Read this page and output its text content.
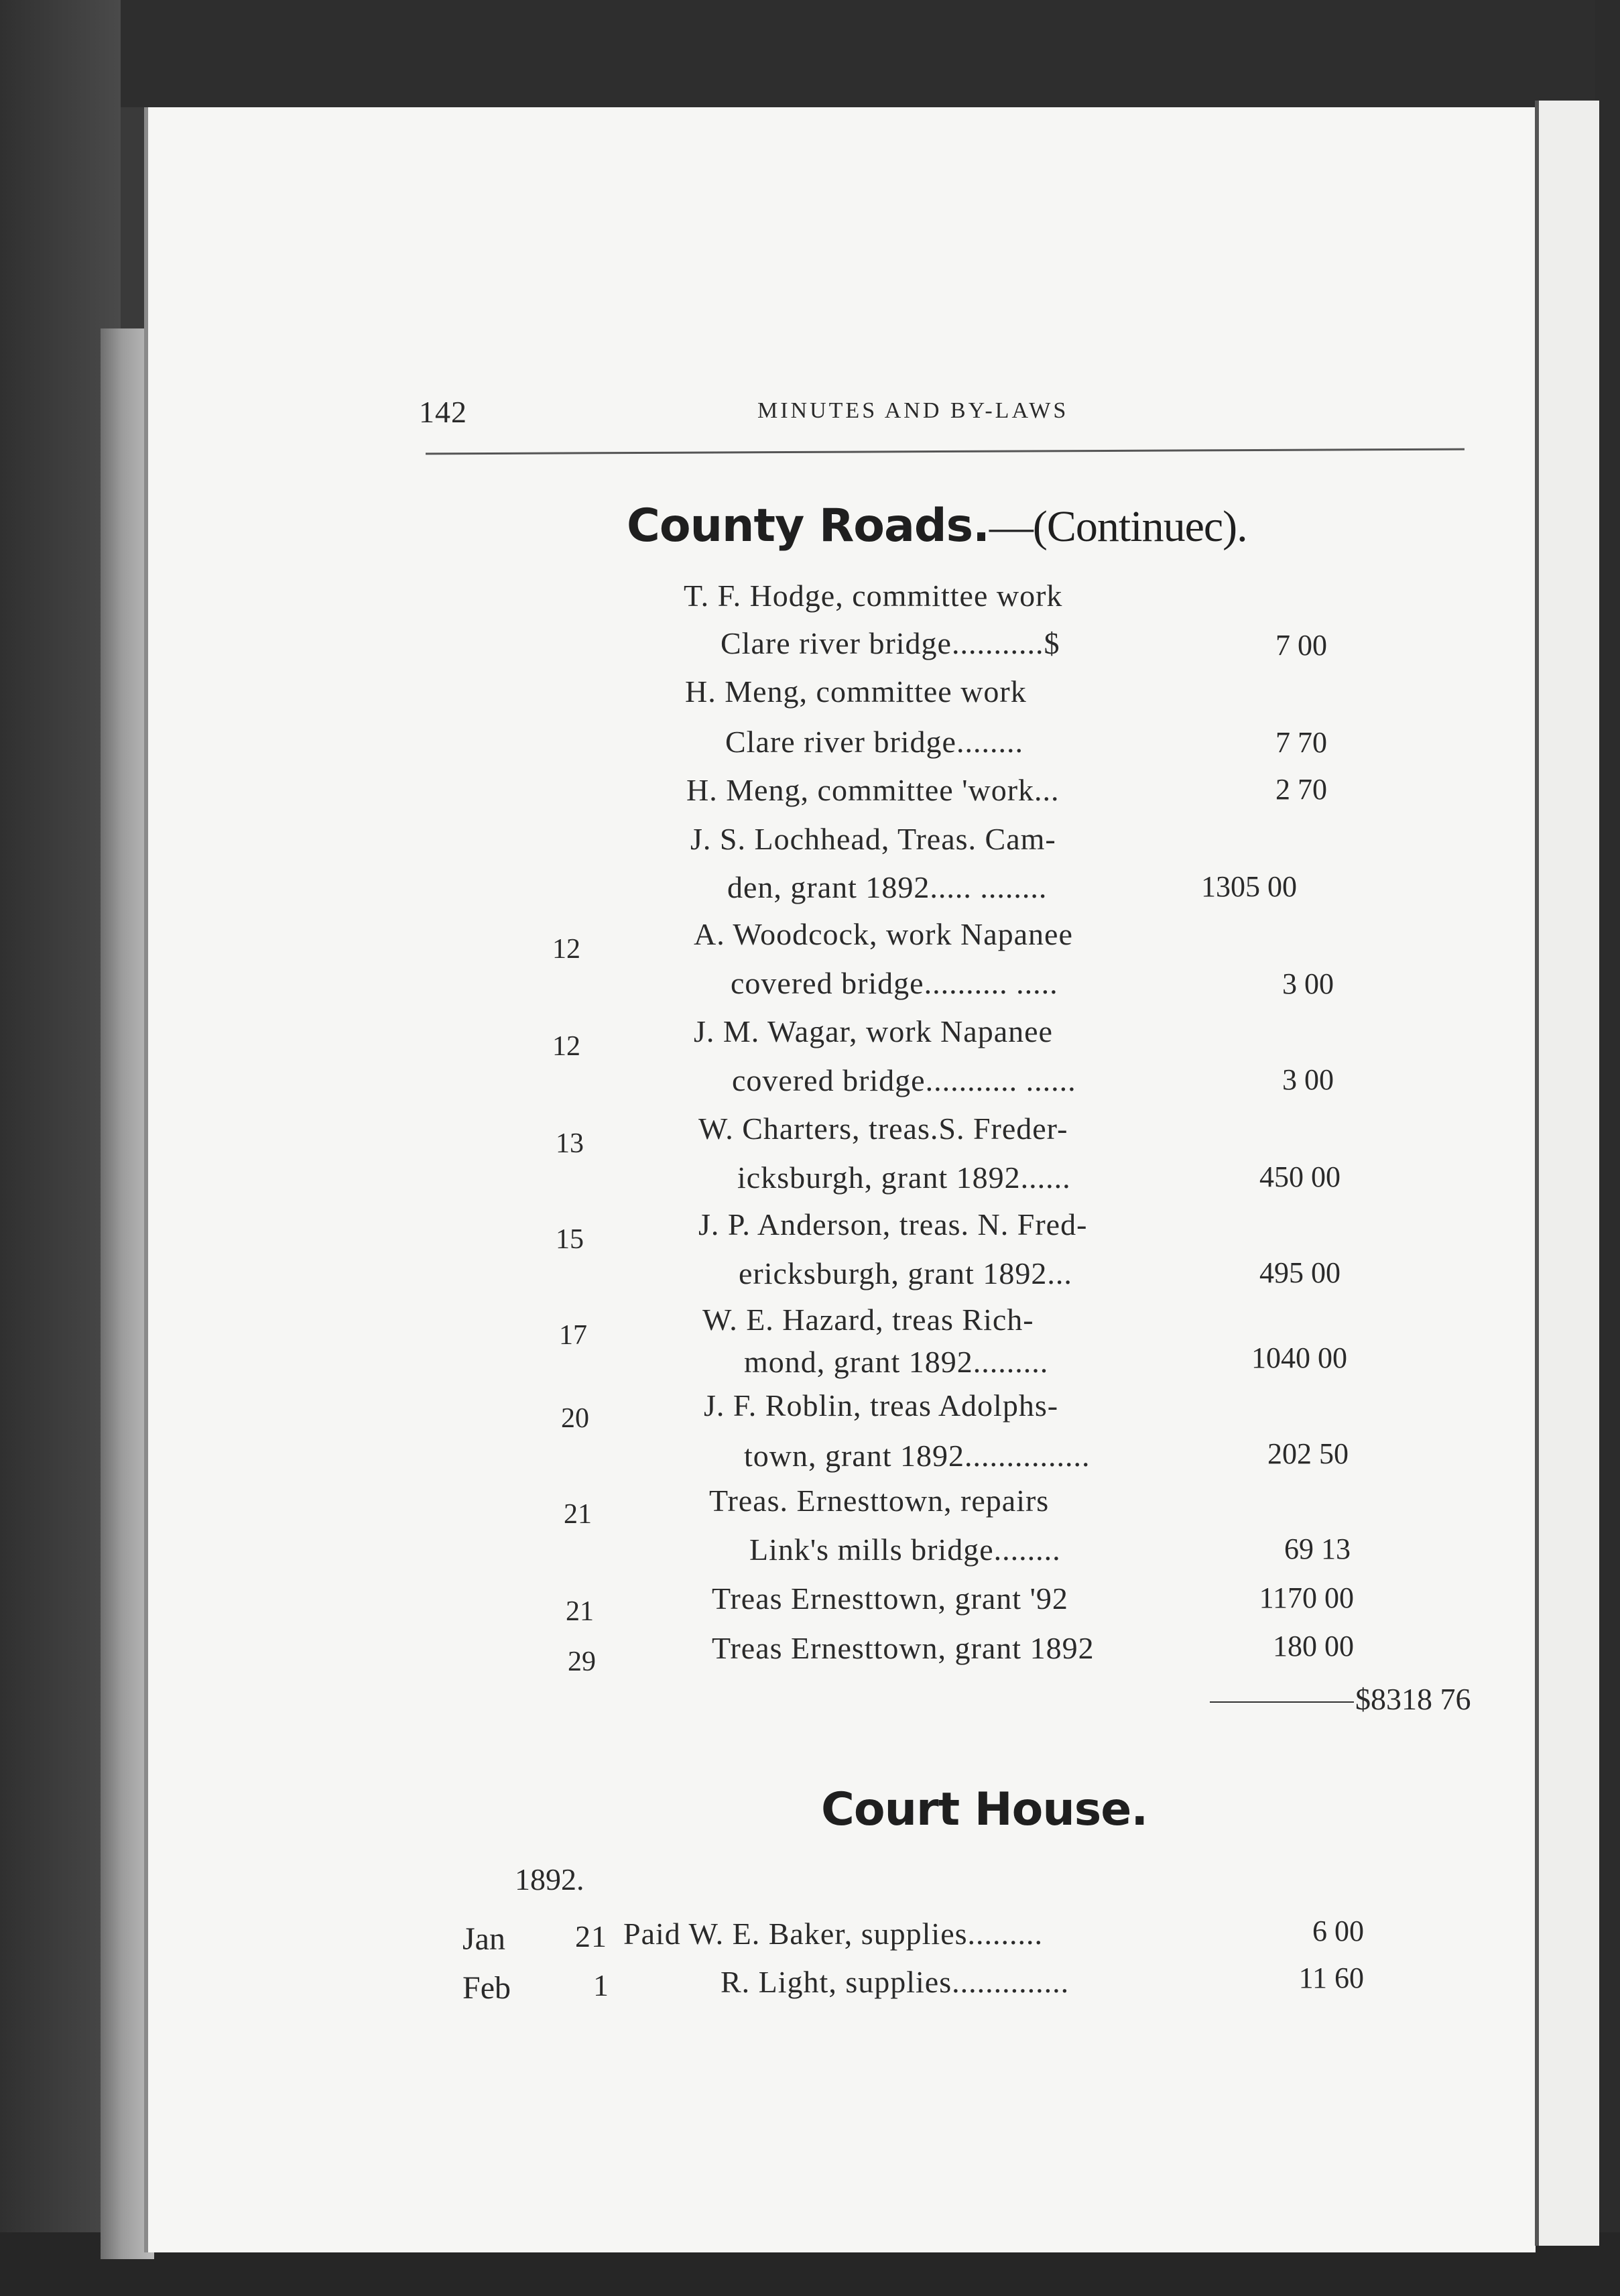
142	MINUTES AND BY-LAWS
County Roads.—(Continuec).
T. F. Hodge, committee work
Clare river bridge...........$	7 00
H. Meng, committee work
Clare river bridge........	7 70
H. Meng, committee 'work...	2 70
J. S. Lochhead, Treas. Cam-
den, grant 1892..... ........	1305 00
12	A. Woodcock, work Napanee
covered bridge.......... .....	3 00
12	J. M. Wagar, work Napanee
covered bridge........... ......	3 00
13	W. Charters, treas.S. Freder-
icksburgh, grant 1892......	450 00
15	J. P. Anderson, treas. N. Fred-
ericksburgh, grant 1892...	495 00
17	W. E. Hazard, treas Rich-
mond, grant 1892.........	1040 00
20	J. F. Roblin, treas Adolphs-
town, grant 1892...............	202 50
21	Treas. Ernesttown, repairs
Link's mills bridge........	69 13
21	Treas Ernesttown, grant '92	1170 00
29	Treas Ernesttown, grant 1892	180 00
$8318 76
Court House.
1892.
Jan 21 Paid W. E. Baker, supplies.........	6 00
Feb	1	R. Light, supplies..............	11 60
